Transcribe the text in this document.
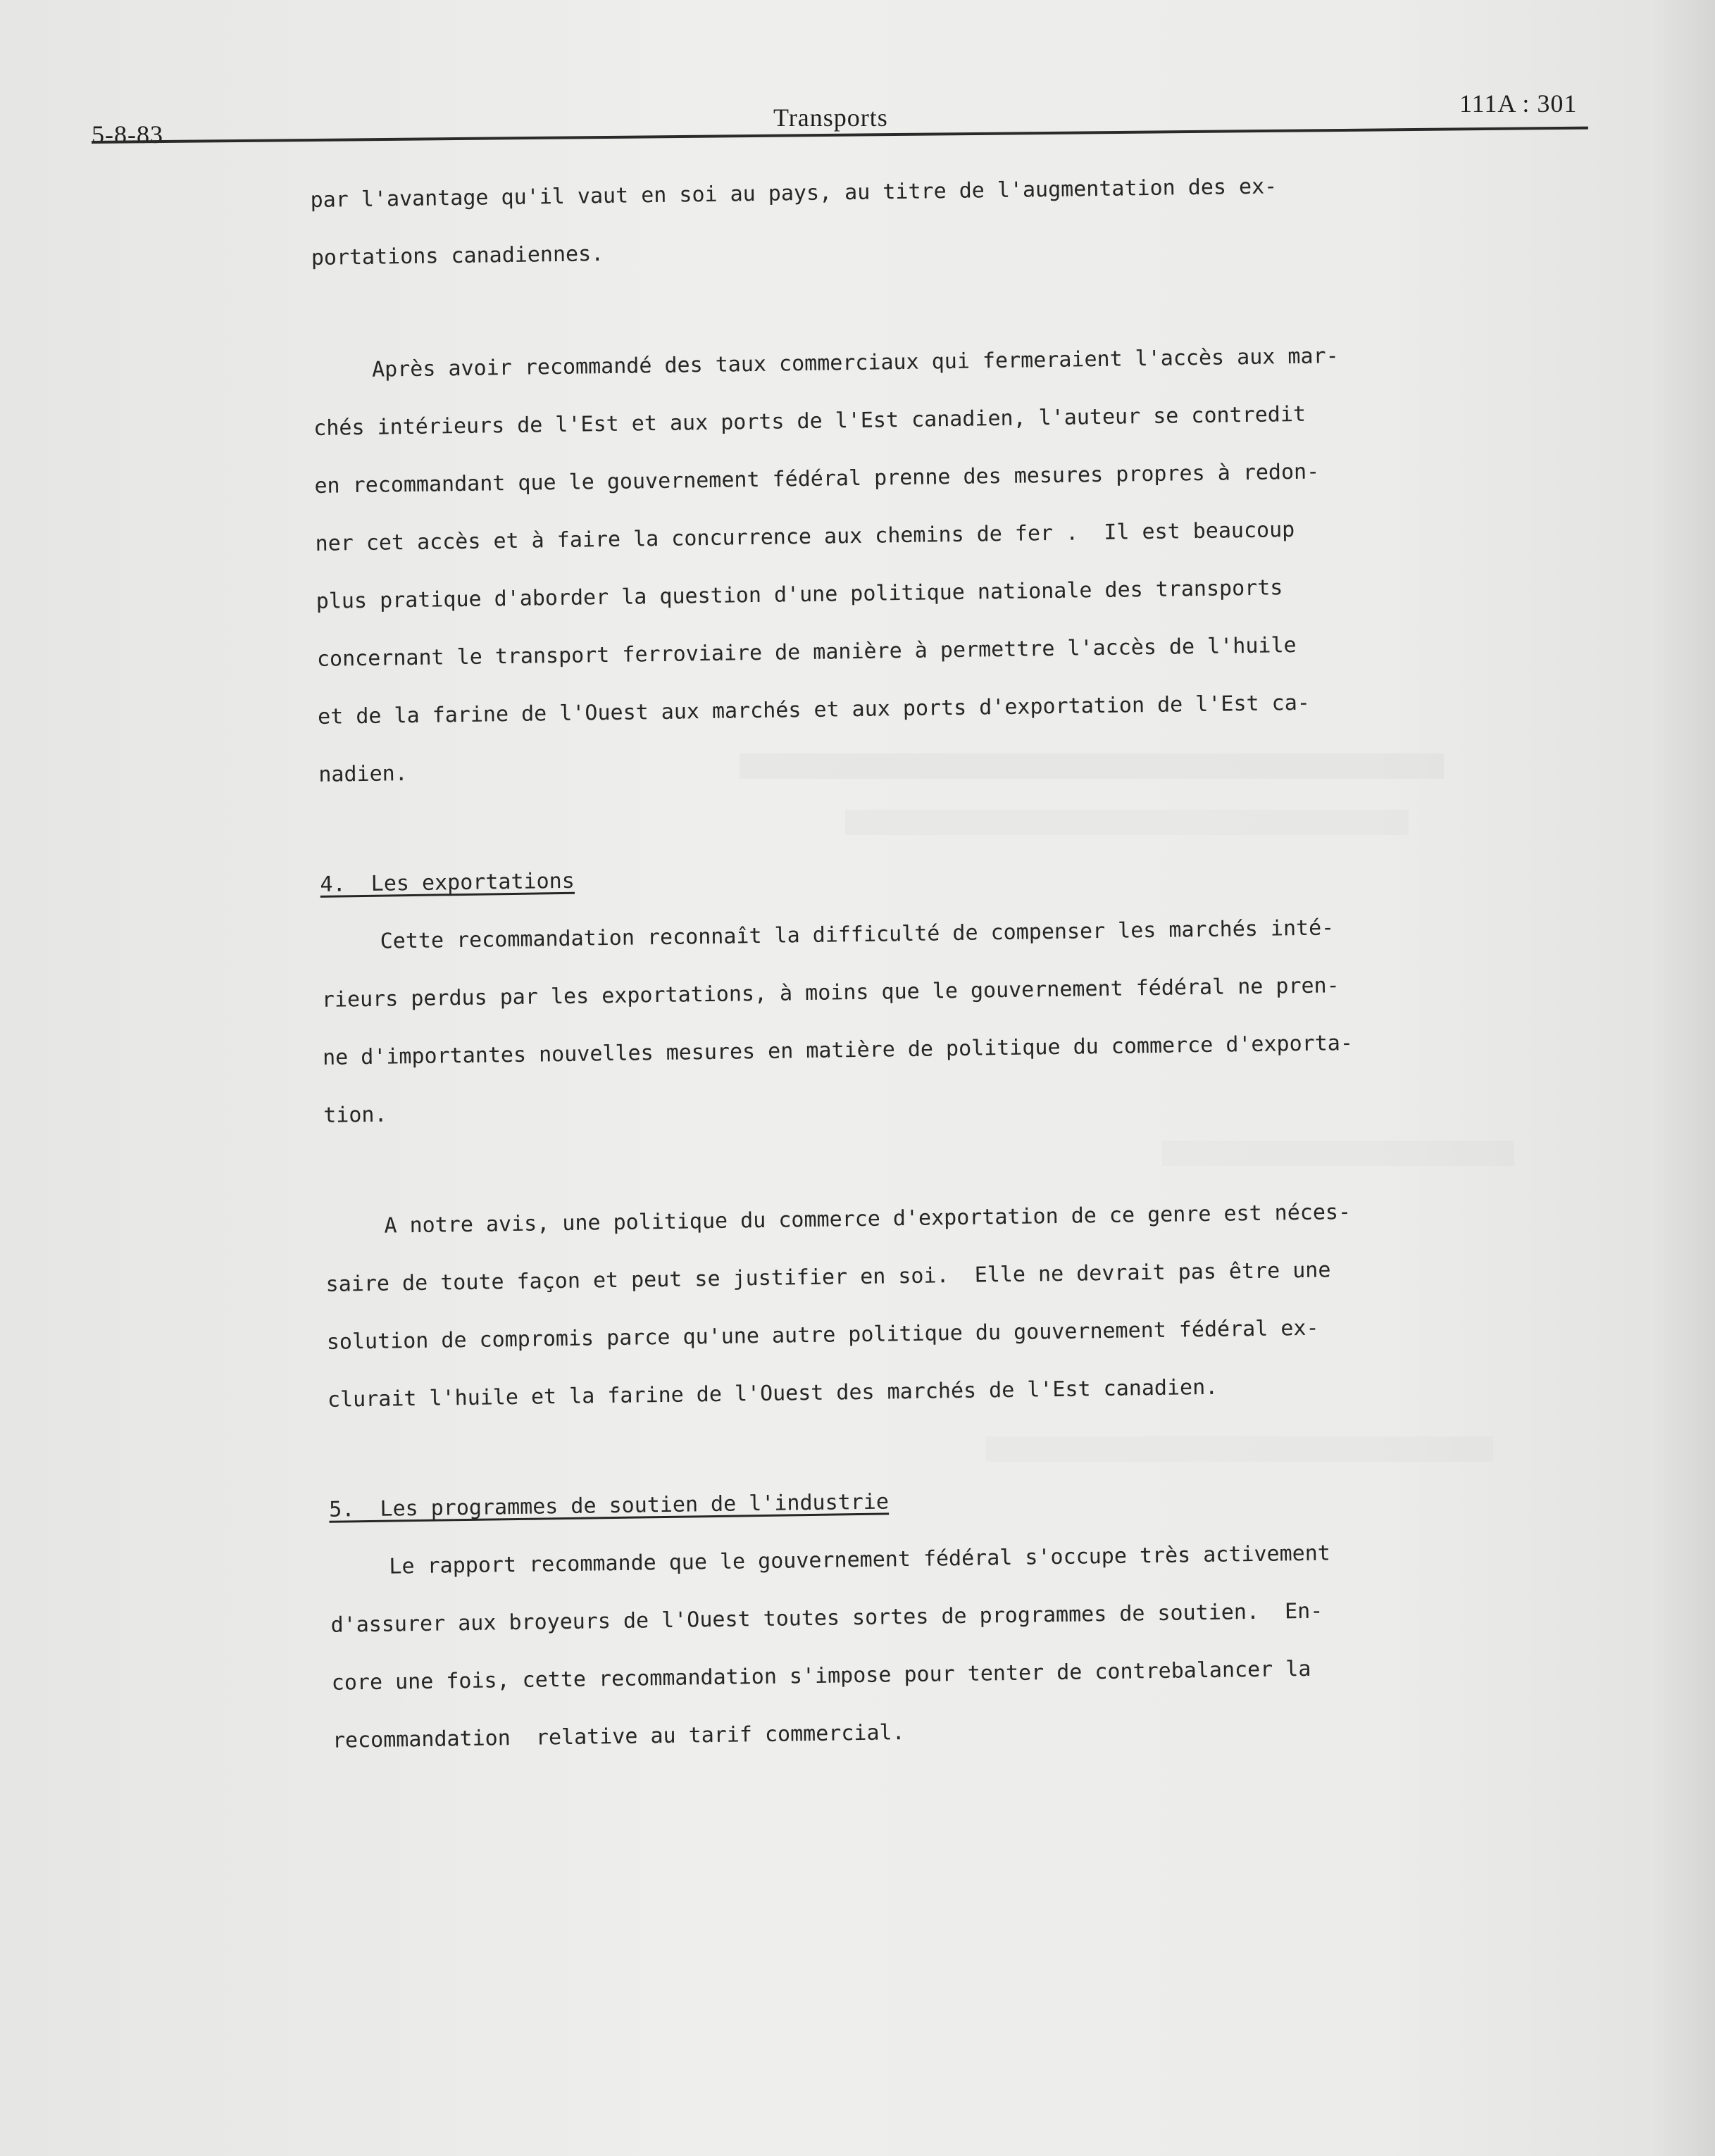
5-8-83
Transports	111A : 301
par l'avantage qu'il vaut en soi au pays, au titre de l'augmentation des ex-
portations canadiennes.
Après avoir recommandé des taux commerciaux qui fermeraient l'accès aux mar-
chés intérieurs de l'Est et aux ports de l'Est canadien, l'auteur se contredit
en recommandant que le gouvernement fédéral prenne des mesures propres à redon-
ner cet accès et à faire la concurrence aux chemins de fer .  Il est beaucoup
plus pratique d'aborder la question d'une politique nationale des transports
concernant le transport ferroviaire de manière à permettre l'accès de l'huile
et de la farine de l'Ouest aux marchés et aux ports d'exportation de l'Est ca-
nadien.
4.  Les exportations
Cette recommandation reconnaît la difficulté de compenser les marchés inté-
rieurs perdus par les exportations, à moins que le gouvernement fédéral ne pren-
ne d'importantes nouvelles mesures en matière de politique du commerce d'exporta-
tion.
A notre avis, une politique du commerce d'exportation de ce genre est néces-
saire de toute façon et peut se justifier en soi.  Elle ne devrait pas être une
solution de compromis parce qu'une autre politique du gouvernement fédéral ex-
clurait l'huile et la farine de l'Ouest des marchés de l'Est canadien.
5.  Les programmes de soutien de l'industrie
Le rapport recommande que le gouvernement fédéral s'occupe très activement
d'assurer aux broyeurs de l'Ouest toutes sortes de programmes de soutien.  En-
core une fois, cette recommandation s'impose pour tenter de contrebalancer la
recommandation  relative au tarif commercial.
